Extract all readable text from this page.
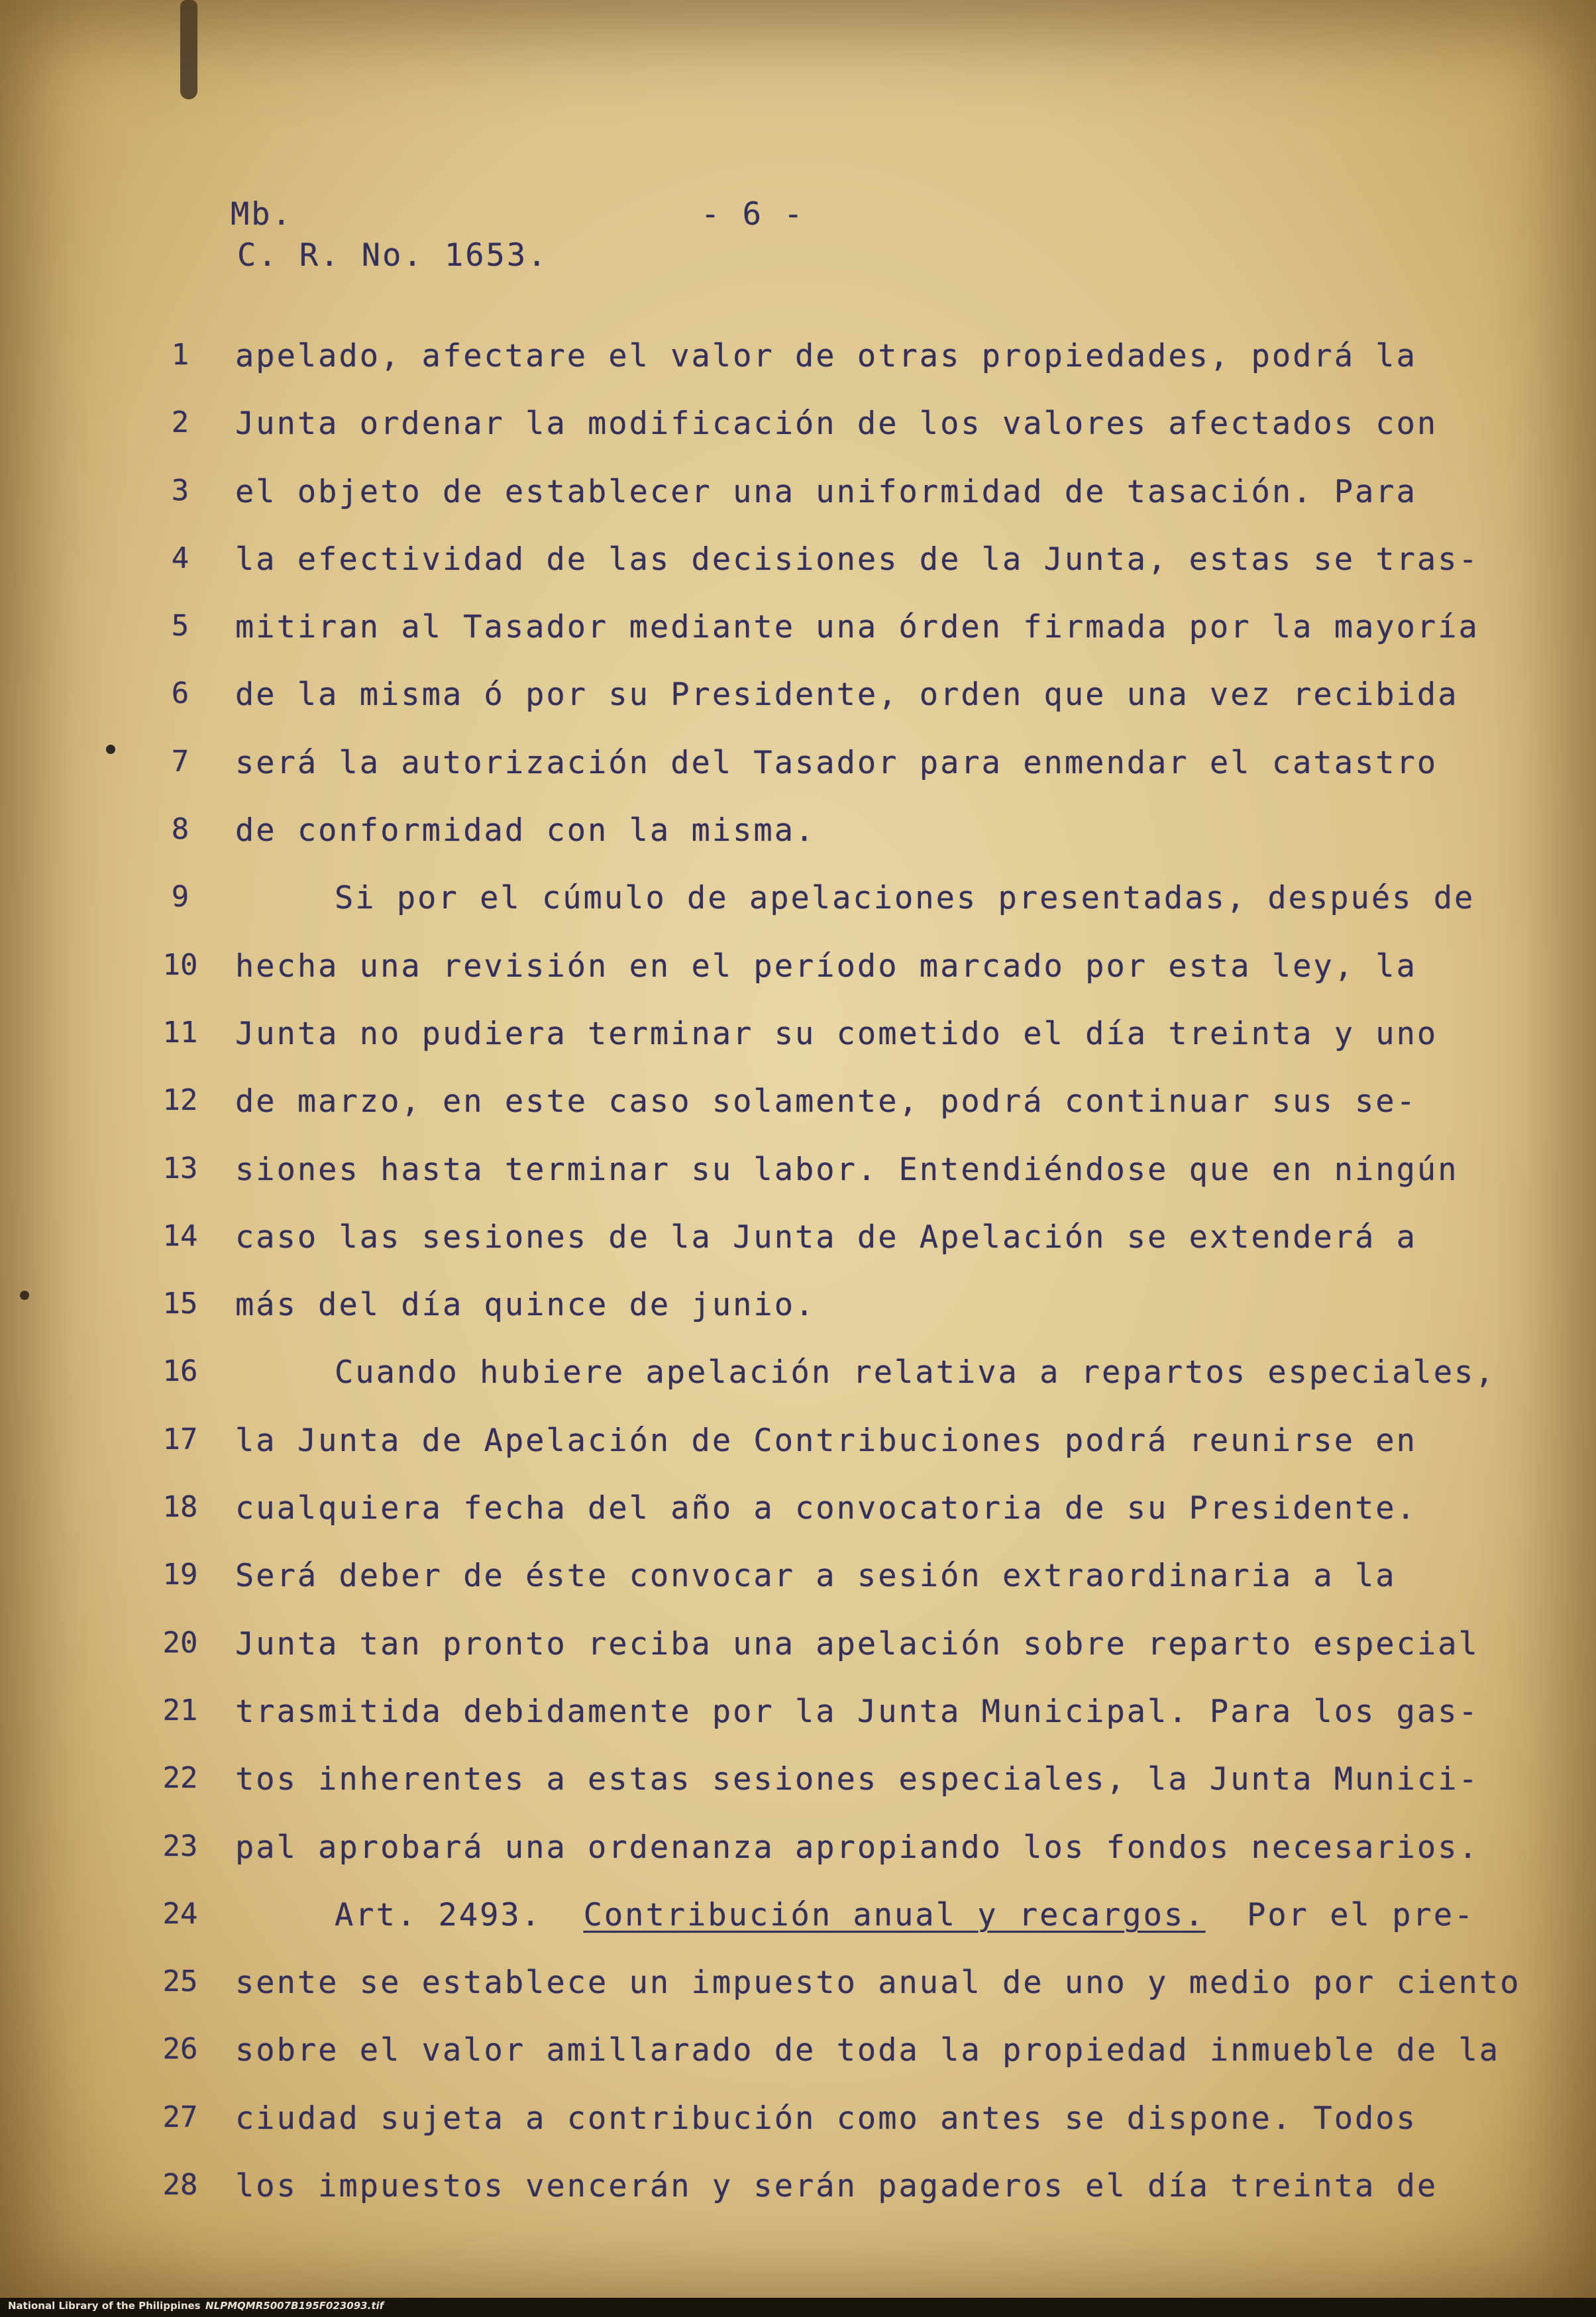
Mb.	- 6 -
C. R. No. 1653.
1	apelado, afectare el valor de otras propiedades, podrá la
2	Junta ordenar la modificación de los valores afectados con
3	el objeto de establecer una uniformidad de tasación. Para
4	la efectividad de las decisiones de la Junta, estas se tras-
5	mitiran al Tasador mediante una órden firmada por la mayoría
6	de la misma ó por su Presidente, orden que una vez recibida
7	será la autorización del Tasador para enmendar el catastro
8	de conformidad con la misma.
9	Si por el cúmulo de apelaciones presentadas, después de
10 hecha una revisión en el período marcado por esta ley, la
11 Junta no pudiera terminar su cometido el día treinta y uno
12 de marzo, en este caso solamente, podrá continuar sus se-
13 siones hasta terminar su labor. Entendiéndose que en ningún
14 caso las sesiones de la Junta de Apelación se extenderá a
15 más del día quince de junio.
16	Cuando hubiere apelación relativa a repartos especiales,
17 la Junta de Apelación de Contribuciones podrá reunirse en
18 cualquiera fecha del año a convocatoria de su Presidente.
19 Será deber de éste convocar a sesión extraordinaria a la
20 Junta tan pronto reciba una apelación sobre reparto especial
21 trasmitida debidamente por la Junta Municipal. Para los gas-
22 tos inherentes a estas sesiones especiales, la Junta Munici-
23 pal aprobará una ordenanza apropiando los fondos necesarios.
24	Art. 2493. Contribución anual y recargos. Por el pre-
25 sente se establece un impuesto anual de uno y medio por ciento
26 sobre el valor amillarado de toda la propiedad inmueble de la
27 ciudad sujeta a contribución como antes se dispone. Todos
28 los impuestos vencerán y serán pagaderos el día treinta de
National Library of the Philippines NLPMQMR5007B195F023093.tif
